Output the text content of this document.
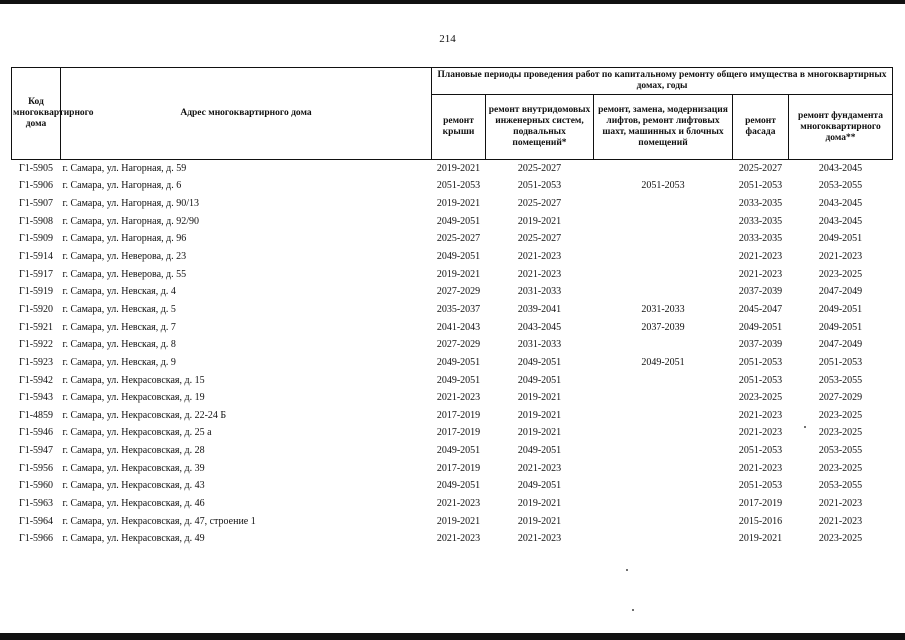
214
Код многоквартирного дома	Адрес многоквартирного дома	Плановые периоды проведения работ по капитальному ремонту общего имущества в многоквартирных домах, годы				
		ремонт крыши	ремонт внутридомовых инженерных систем, подвальных помещений*	ремонт, замена, модернизация лифтов, ремонт лифтовых шахт, машинных и блочных помещений	ремонт фасада	ремонт фундамента многоквартирного дома**
Г1-5905	г. Самара, ул. Нагорная, д. 59	2019-2021	2025-2027		2025-2027	2043-2045
Г1-5906	г. Самара, ул. Нагорная, д. 6	2051-2053	2051-2053	2051-2053	2051-2053	2053-2055
Г1-5907	г. Самара, ул. Нагорная, д. 90/13	2019-2021	2025-2027		2033-2035	2043-2045
Г1-5908	г. Самара, ул. Нагорная, д. 92/90	2049-2051	2019-2021		2033-2035	2043-2045
Г1-5909	г. Самара, ул. Нагорная, д. 96	2025-2027	2025-2027		2033-2035	2049-2051
Г1-5914	г. Самара, ул. Неверова, д. 23	2049-2051	2021-2023		2021-2023	2021-2023
Г1-5917	г. Самара, ул. Неверова, д. 55	2019-2021	2021-2023		2021-2023	2023-2025
Г1-5919	г. Самара, ул. Невская, д. 4	2027-2029	2031-2033		2037-2039	2047-2049
Г1-5920	г. Самара, ул. Невская, д. 5	2035-2037	2039-2041	2031-2033	2045-2047	2049-2051
Г1-5921	г. Самара, ул. Невская, д. 7	2041-2043	2043-2045	2037-2039	2049-2051	2049-2051
Г1-5922	г. Самара, ул. Невская, д. 8	2027-2029	2031-2033		2037-2039	2047-2049
Г1-5923	г. Самара, ул. Невская, д. 9	2049-2051	2049-2051	2049-2051	2051-2053	2051-2053
Г1-5942	г. Самара, ул. Некрасовская, д. 15	2049-2051	2049-2051		2051-2053	2053-2055
Г1-5943	г. Самара, ул. Некрасовская, д. 19	2021-2023	2019-2021		2023-2025	2027-2029
Г1-4859	г. Самара, ул. Некрасовская, д. 22-24 Б	2017-2019	2019-2021		2021-2023	2023-2025
Г1-5946	г. Самара, ул. Некрасовская, д. 25 а	2017-2019	2019-2021		2021-2023	2023-2025
Г1-5947	г. Самара, ул. Некрасовская, д. 28	2049-2051	2049-2051		2051-2053	2053-2055
Г1-5956	г. Самара, ул. Некрасовская, д. 39	2017-2019	2021-2023		2021-2023	2023-2025
Г1-5960	г. Самара, ул. Некрасовская, д. 43	2049-2051	2049-2051		2051-2053	2053-2055
Г1-5963	г. Самара, ул. Некрасовская, д. 46	2021-2023	2019-2021		2017-2019	2021-2023
Г1-5964	г. Самара, ул. Некрасовская, д. 47, строение 1	2019-2021	2019-2021		2015-2016	2021-2023
Г1-5966	г. Самара, ул. Некрасовская, д. 49	2021-2023	2021-2023		2019-2021	2023-2025
